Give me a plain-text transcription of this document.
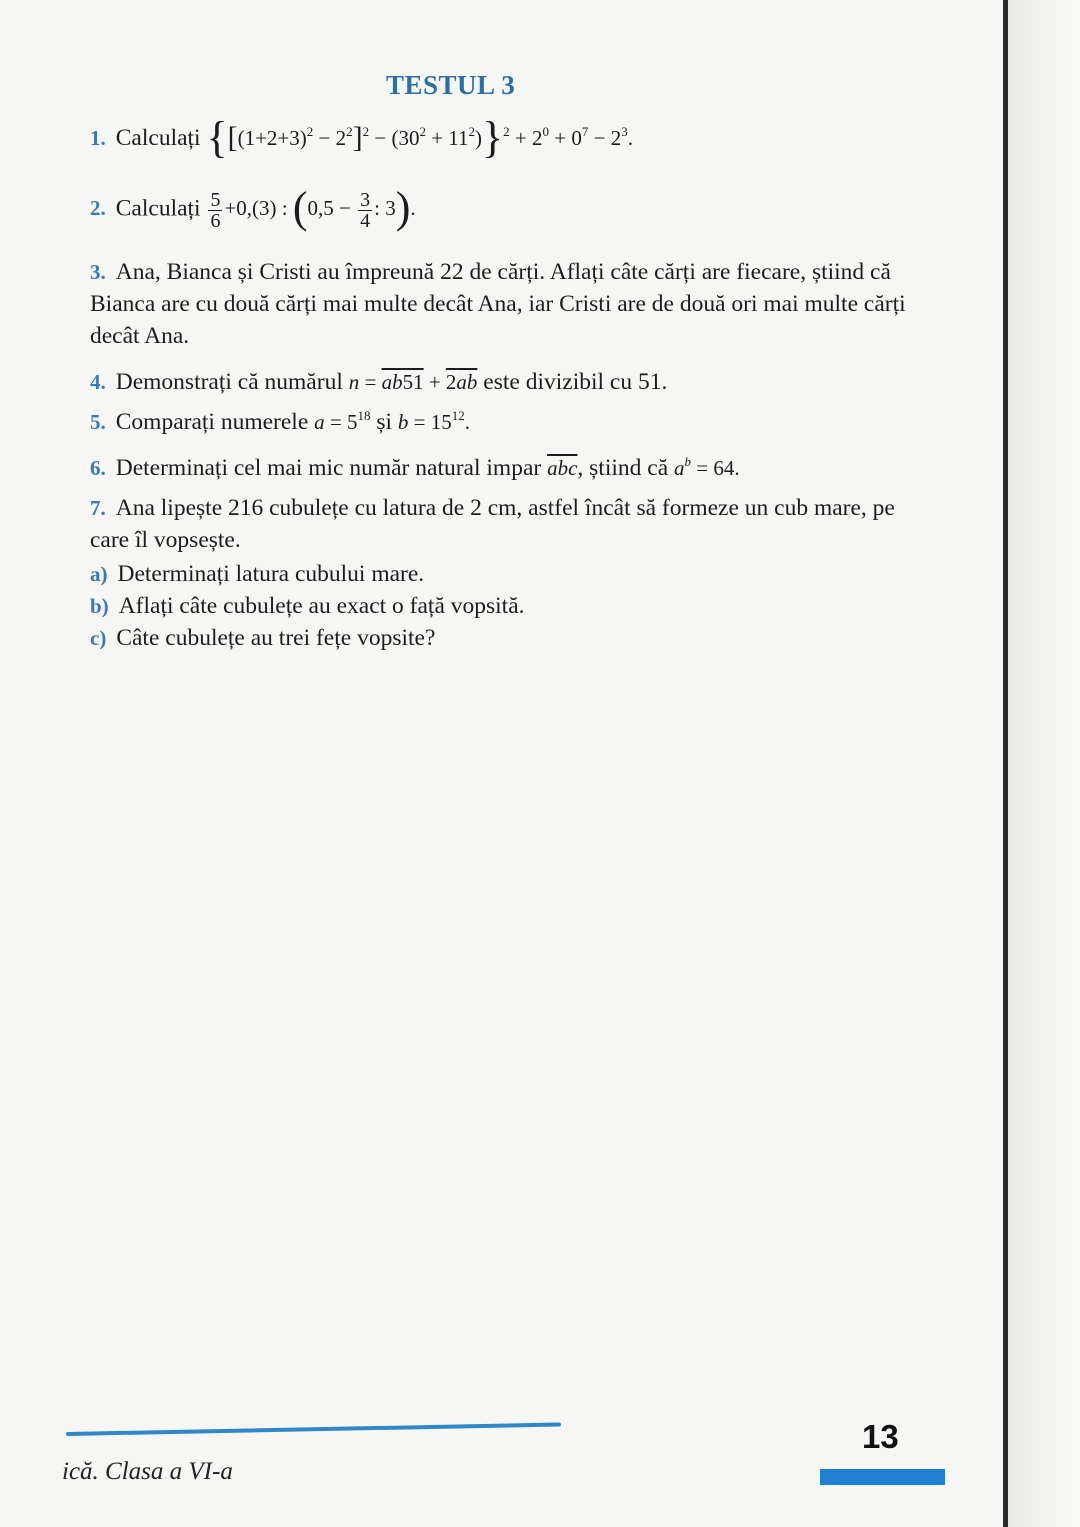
TESTUL 3
1. Calculați $\{[(1+2+3)^2 - 2^2]^2 - (30^2 + 11^2)\}^2 + 2^0 + 0^7 - 2^3$.
2. Calculați $\frac{5}{6} +0,(3)$ : ($0,5 - \frac{3}{4}$ : 3).
3. Ana, Bianca și Cristi au împreună 22 de cărți. Aflați câte cărți are fiecare, știind că Bianca are cu două cărți mai multe decât Ana, iar Cristi are de două ori mai multe cărți decât Ana.
4. Demonstrați că numărul n = ab51 + 2ab este divizibil cu 51.
5. Comparați numerele $a = 5^{18}$ și $b = 15^{12}$.
6. Determinați cel mai mic număr natural impar $\overline{abc}$, știind că $a^b = 64$.
7. Ana lipește 216 cubulețe cu latura de 2 cm, astfel încât să formeze un cub mare, pe care îl vopsește.
a) Determinați latura cubului mare.
b) Aflați câte cubulețe au exact o față vopsită.
c) Câte cubulețe au trei fețe vopsite?
ică. Clasa a VI-a
13
